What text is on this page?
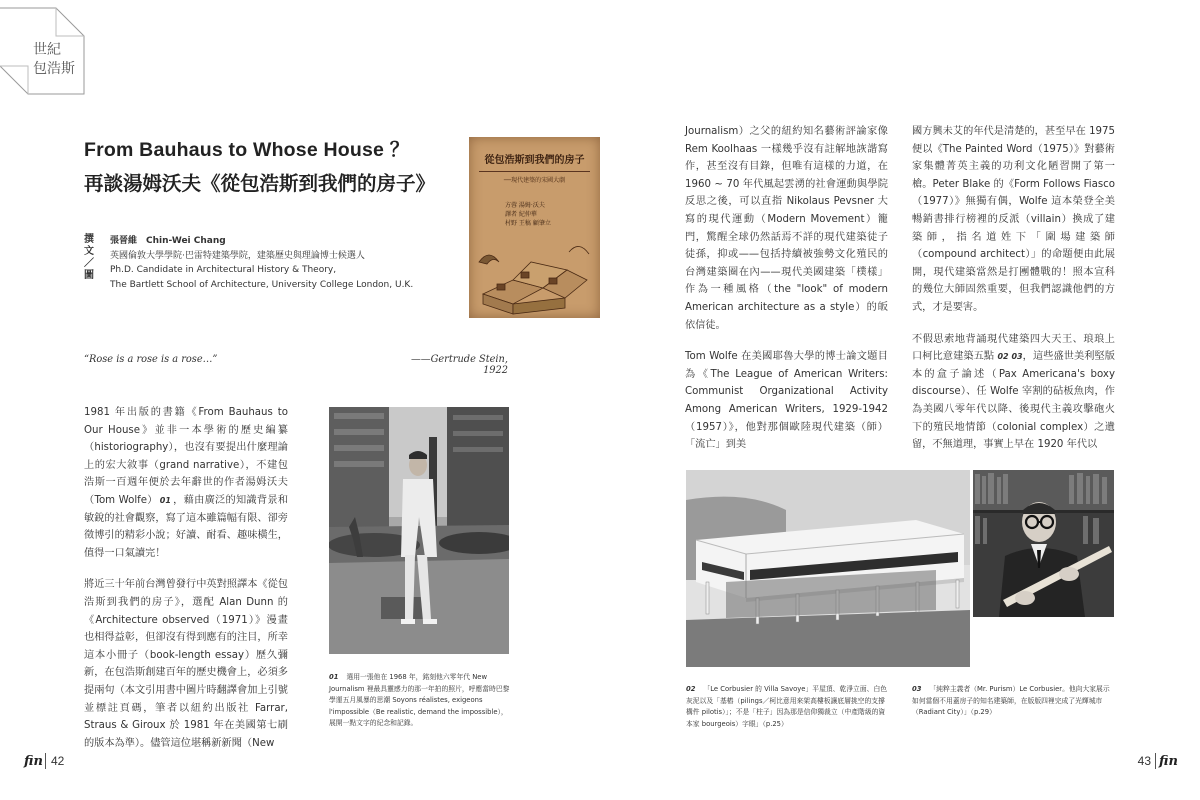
世紀
包浩斯
From Bauhaus to Whose House ？
再談湯姆沃夫《從包浩斯到我們的房子》
撰文／圖
張晉維　Chin-Wei Chang
英國倫敦大學學院‧巴雷特建築學院，建築歷史與理論博士候選人
Ph.D. Candidate in Architectural History & Theory,
The Bartlett School of Architecture, University College London, U.K.
從包浩斯到我們的房子
──現代建築的宋國大劇
方蓉 湯姆‧沃夫
譯者 紀仲華
村野 王稿 顧肇立
“Rose is a rose is a rose…”	——Gertrude Stein, 1922

1981 年出版的書籍《From Bauhaus to Our House》並非一本學術的歷史編纂（historiography），也沒有要提出什麼理論上的宏大敘事（grand narrative），不建包浩斯一百週年便於去年辭世的作者湯姆沃夫（Tom Wolfe） 01 ，藉由廣泛的知識背景和敏銳的社會觀察，寫了這本雖篇幅有限、卻旁徵博引的精彩小說；好讀、耐看、趣味橫生，值得一口氣讀完！

將近三十年前台灣曾發行中英對照譯本《從包浩斯到我們的房子》，選配 Alan Dunn 的《Architecture observed（1971）》漫畫也相得益彰，但卻沒有得到應有的注目，所幸這本小冊子（book-length essay）歷久彌新，在包浩斯創建百年的歷史機會上，必須多提兩句（本文引用書中圖片時翻譯會加上引號並標註頁碼，筆者以紐約出版社 Farrar, Straus & Giroux 於 1981 年在美國第七刷的版本為準）。儘管這位堪稱新新聞（New

01 選用一張他在 1968 年，銘刻他六零年代 New Journalism 裡最具靈感力的那一年拍的照片，呼應當時巴黎學運五月風暴的思潮 Soyons réalistes, exigeons l'impossible（Be realistic, demand the impossible），展開一點文字的紀念和記錄。

Journalism）之父的紐約知名藝術評論家像 Rem Koolhaas 一樣幾乎沒有註解地詼諧寫作，甚至沒有目錄，但唯有這樣的力道，在 1960 ~ 70 年代風起雲湧的社會運動與學院反思之後，可以直指 Nikolaus Pevsner 大寫的現代運動（Modern Movement）籠門，驚醒全球仍然話焉不詳的現代建築徒子徒孫，抑或——包括持續被強勢文化殖民的台灣建築圈在內——現代美國建築「樸樣」作為一種風格（the "look" of modern American architecture as a style）的皈依信徒。

Tom Wolfe 在美國耶魯大學的博士論文題目為《The League of American Writers: Communist Organizational Activity Among American Writers, 1929-1942（1957）》，他對那個歐陸現代建築（師）「流亡」到美

國方興未艾的年代是清楚的，甚至早在 1975 便以《The Painted Word（1975）》對藝術家集體菁英主義的功利文化陋習開了第一槍。Peter Blake 的《Form Follows Fiasco（1977）》無獨有偶，Wolfe 這本榮登全美暢銷書排行榜裡的反派（villain）換成了建築師，指名道姓下「圍場建築師（compound architect）」的命題便由此展開，現代建築當然是打團體戰的！照本宣科的幾位大師固然重要，但我們認識他們的方式，才是要害。

不假思索地背誦現代建築四大天王、琅琅上口柯比意建築五點 02 03，這些盛世美利堅版本的盒子論述（Pax Americana's boxy discourse）、任 Wolfe 宰割的砧板魚肉，作為美國八零年代以降、後現代主義攻擊砲火下的殖民地情節（colonial complex）之遺留，不無道理，事實上早在 1920 年代以

02 「Le Corbusier 的 Villa Savoye」平屋頂、乾淨立面、白色灰泥以及「基樁（pilings／柯比意用來架高樓板讓底層挑空的支撐構件 pilotis）」；不是「柱子」因為那是信仰獨裁立（中產階級的資本家 bourgeois）字眼」（p.25）
03 「純粹主義者（Mr. Purism）Le Corbusier。他向大家展示如何當個不用蓋房子的知名建築師，在版版四裡完成了光輝城市（Radiant City）」（p.29）
fin 42	43 fin
